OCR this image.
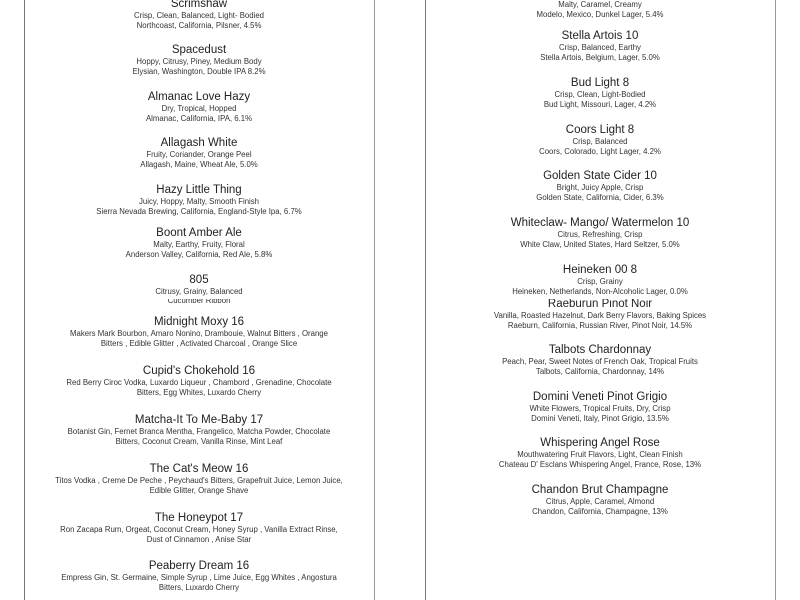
Scrimshaw
Crisp, Clean, Balanced, Light- Bodied
Northcoast, California, Pilsner, 4.5%
Spacedust
Hoppy, Citrusy, Piney, Medium Body
Elysian, Washington, Double IPA 8.2%
Almanac Love Hazy
Dry, Tropical, Hopped
Almanac, California, IPA, 6.1%
Allagash White
Fruity, Coriander, Orange Peel
Allagash, Maine, Wheat Ale, 5.0%
Hazy Little Thing
Juicy, Hoppy, Malty, Smooth Finish
Sierra Nevada Brewing, California, England-Style Ipa, 6.7%
Boont Amber Ale
Malty, Earthy, Fruity, Floral
Anderson Valley, California, Red Ale, 5.8%
805
Citrusy, Grainy, Balanced
Malty, Caramel, Creamy
Modelo, Mexico, Dunkel Lager, 5.4%
Stella Artois 10
Crisp, Balanced, Earthy
Stella Artois, Belgium, Lager, 5.0%
Bud Light 8
Crisp, Clean, Light-Bodied
Bud Light, Missouri, Lager, 4.2%
Coors Light 8
Crisp, Balanced
Coors, Colorado, Light Lager, 4.2%
Golden State Cider 10
Bright, Juicy Apple, Crisp
Golden State, California, Cider, 6.3%
Whiteclaw- Mango/ Watermelon 10
Citrus, Refreshing, Crisp
White Claw, United States, Hard Seltzer, 5.0%
Heineken 00 8
Crisp, Grainy
Heineken, Netherlands, Non-Alcoholic Lager, 0.0%
Cucumber Ribbon
Midnight Moxy 16
Makers Mark Bourbon, Amaro Nonino, Drambouie, Walnut Bitters , Orange
Bitters , Edible Glitter , Activated Charcoal , Orange Slice
Cupid's Chokehold 16
Red Berry Ciroc Vodka, Luxardo Liqueur , Chambord , Grenadine, Chocolate
Bitters, Egg Whites, Luxardo Cherry
Matcha-It To Me-Baby 17
Botanist Gin, Fernet Branca Mentha, Frangelico, Matcha Powder, Chocolate
Bitters, Coconut Cream, Vanilla Rinse, Mint Leaf
The Cat's Meow 16
Titos Vodka , Creme De Peche , Peychaud's Bitters, Grapefruit Juice, Lemon Juice,
Edible Glitter, Orange Shave
The Honeypot 17
Ron Zacapa Rum, Orgeat, Coconut Cream, Honey Syrup , Vanilla Extract Rinse,
Dust of Cinnamon , Anise Star
Peaberry Dream 16
Empress Gin, St. Germaine, Simple Syrup , Lime Juice, Egg Whites , Angostura
Bitters, Luxardo Cherry
Raeburun Pinot Noir
Vanilla, Roasted Hazelnut, Dark Berry Flavors, Baking Spices
Raeburn, California, Russian River, Pinot Noir, 14.5%
Talbots Chardonnay
Peach, Pear, Sweet Notes of French Oak, Tropical Fruits
Talbots, California, Chardonnay, 14%
Domini Veneti Pinot Grigio
White Flowers, Tropical Fruits, Dry, Crisp
Domini Veneti, Italy, Pinot Grigio, 13.5%
Whispering Angel Rose
Mouthwatering Fruit Flavors, Light, Clean Finish
Chateau D' Esclans Whispering Angel, France, Rose, 13%
Chandon Brut Champagne
Citrus, Apple, Caramel, Almond
Chandon, California, Champagne, 13%
